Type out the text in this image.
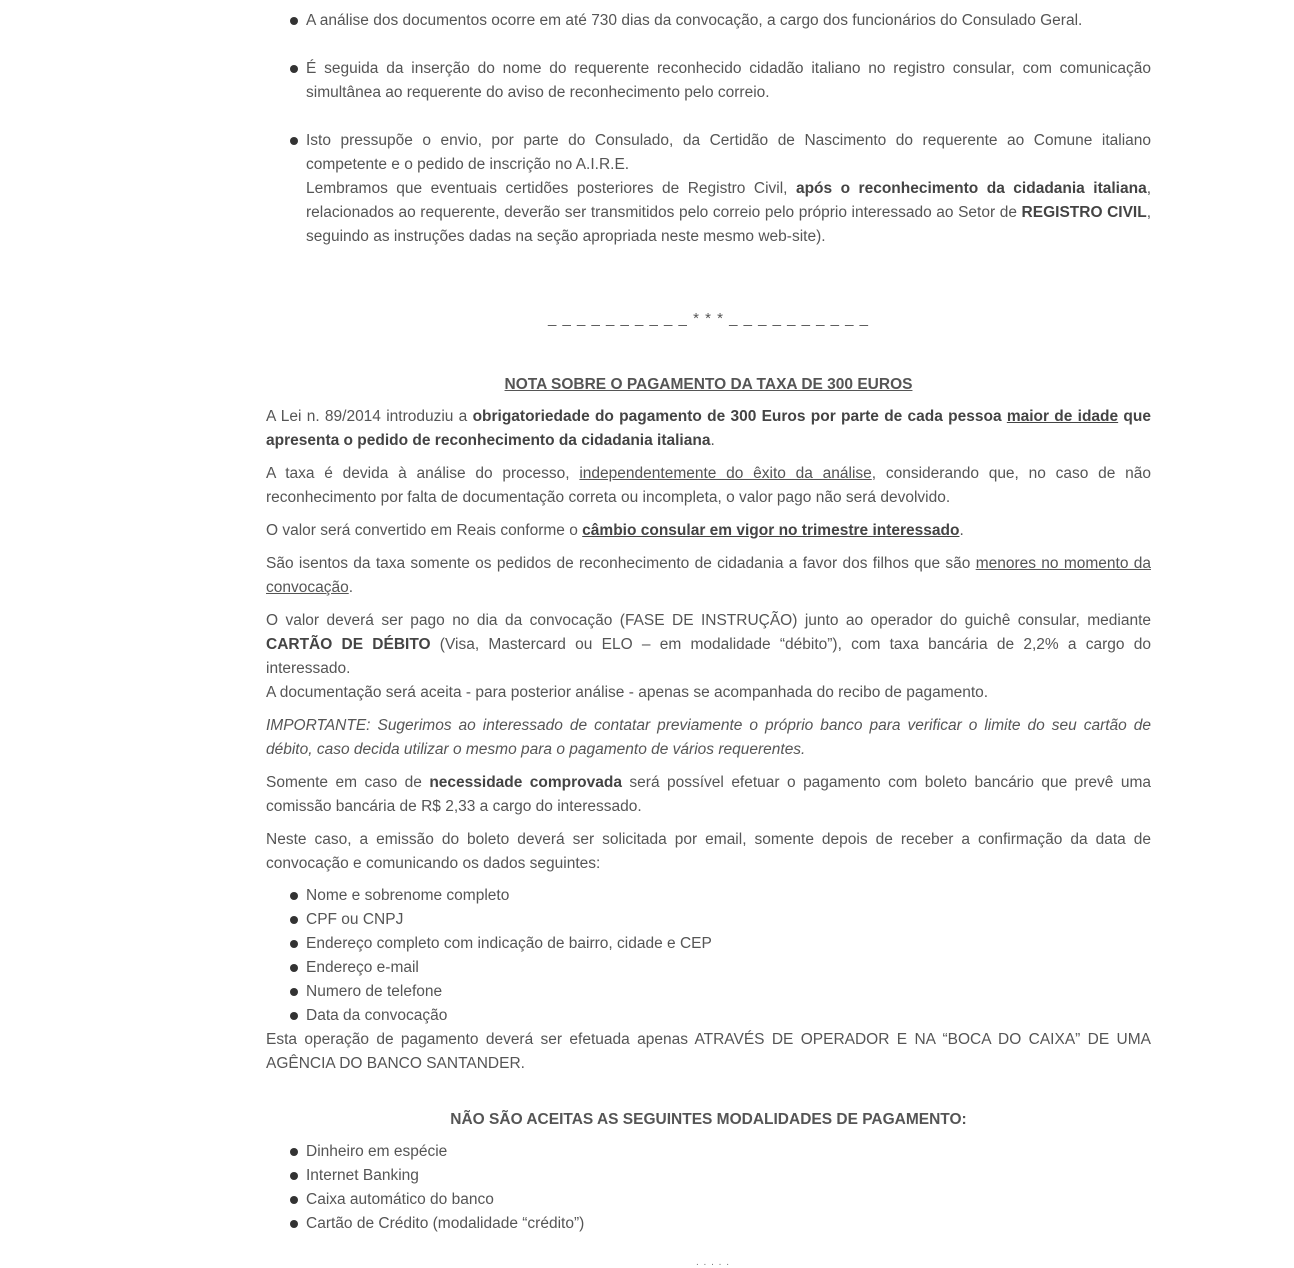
A análise dos documentos ocorre em até 730 dias da convocação, a cargo dos funcionários do Consulado Geral.
É seguida da inserção do nome do requerente reconhecido cidadão italiano no registro consular, com comunicação simultânea ao requerente do aviso de reconhecimento pelo correio.
Isto pressupõe o envio, por parte do Consulado, da Certidão de Nascimento do requerente ao Comune italiano competente e o pedido de inscrição no A.I.R.E.
Lembramos que eventuais certidões posteriores de Registro Civil, após o reconhecimento da cidadania italiana, relacionados ao requerente, deverão ser transmitidos pelo correio pelo próprio interessado ao Setor de REGISTRO CIVIL, seguindo as instruções dadas na seção apropriada neste mesmo web-site).
_ _ _ _ _ _ _ _ _ _ * * * _ _ _ _ _ _ _ _ _ _
NOTA SOBRE O PAGAMENTO DA TAXA DE 300 EUROS

A Lei n. 89/2014 introduziu a obrigatoriedade do pagamento de 300 Euros por parte de cada pessoa maior de idade que apresenta o pedido de reconhecimento da cidadania italiana.

A taxa é devida à análise do processo, independentemente do êxito da análise, considerando que, no caso de não reconhecimento por falta de documentação correta ou incompleta, o valor pago não será devolvido.

O valor será convertido em Reais conforme o câmbio consular em vigor no trimestre interessado.

São isentos da taxa somente os pedidos de reconhecimento de cidadania a favor dos filhos que são menores no momento da convocação.

O valor deverá ser pago no dia da convocação (FASE DE INSTRUÇÃO) junto ao operador do guichê consular, mediante CARTÃO DE DÉBITO (Visa, Mastercard ou ELO – em modalidade “débito”), com taxa bancária de 2,2% a cargo do interessado.
A documentação será aceita - para posterior análise - apenas se acompanhada do recibo de pagamento.

IMPORTANTE: Sugerimos ao interessado de contatar previamente o próprio banco para verificar o limite do seu cartão de débito, caso decida utilizar o mesmo para o pagamento de vários requerentes.

Somente em caso de necessidade comprovada será possível efetuar o pagamento com boleto bancário que prevê uma comissão bancária de R$ 2,33 a cargo do interessado.

Neste caso, a emissão do boleto deverá ser solicitada por email, somente depois de receber a confirmação da data de convocação e comunicando os dados seguintes:

Nome e sobrenome completo
CPF ou CNPJ
Endereço completo com indicação de bairro, cidade e CEP
Endereço e-mail
Numero de telefone
Data da convocação

Esta operação de pagamento deverá ser efetuada apenas ATRAVÉS DE OPERADOR E NA “BOCA DO CAIXA” DE UMA AGÊNCIA DO BANCO SANTANDER.

NÃO SÃO ACEITAS AS SEGUINTES MODALIDADES DE PAGAMENTO:
Dinheiro em espécie
Internet Banking
Caixa automático do banco
Cartão de Crédito (modalidade “crédito”)
. . . . .
